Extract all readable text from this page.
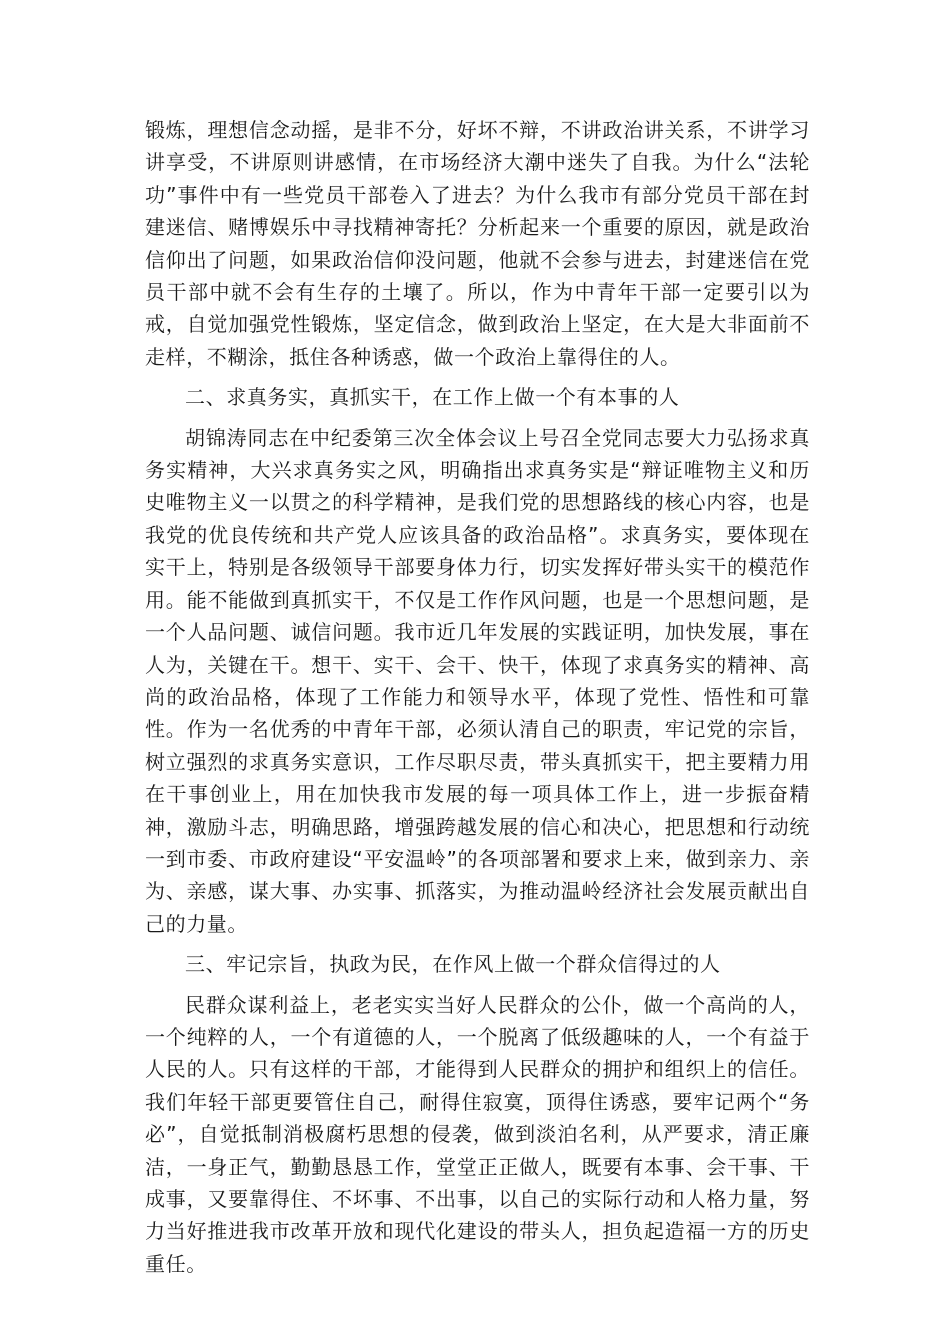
锻炼，理想信念动摇，是非不分，好坏不辩，不讲政治讲关系，不讲学习讲享受，不讲原则讲感情，在市场经济大潮中迷失了自我。为什么“法轮功”事件中有一些党员干部卷入了进去？为什么我市有部分党员干部在封建迷信、赌博娱乐中寻找精神寄托？分析起来一个重要的原因，就是政治信仰出了问题，如果政治信仰没问题，他就不会参与进去，封建迷信在党员干部中就不会有生存的土壤了。所以，作为中青年干部一定要引以为戒，自觉加强党性锻炼，坚定信念，做到政治上坚定，在大是大非面前不走样，不糊涂，抵住各种诱惑，做一个政治上靠得住的人。

二、求真务实，真抓实干，在工作上做一个有本事的人

胡锦涛同志在中纪委第三次全体会议上号召全党同志要大力弘扬求真务实精神，大兴求真务实之风，明确指出求真务实是“辩证唯物主义和历史唯物主义一以贯之的科学精神，是我们党的思想路线的核心内容，也是我党的优良传统和共产党人应该具备的政治品格”。求真务实，要体现在实干上，特别是各级领导干部要身体力行，切实发挥好带头实干的模范作用。能不能做到真抓实干，不仅是工作作风问题，也是一个思想问题，是一个人品问题、诚信问题。我市近几年发展的实践证明，加快发展，事在人为，关键在干。想干、实干、会干、快干，体现了求真务实的精神、高尚的政治品格，体现了工作能力和领导水平，体现了党性、悟性和可靠性。作为一名优秀的中青年干部，必须认清自己的职责，牢记党的宗旨，树立强烈的求真务实意识，工作尽职尽责，带头真抓实干，把主要精力用在干事创业上，用在加快我市发展的每一项具体工作上，进一步振奋精神，激励斗志，明确思路，增强跨越发展的信心和决心，把思想和行动统一到市委、市政府建设“平安温岭”的各项部署和要求上来，做到亲力、亲为、亲感，谋大事、办实事、抓落实，为推动温岭经济社会发展贡献出自己的力量。

三、牢记宗旨，执政为民，在作风上做一个群众信得过的人

民群众谋利益上，老老实实当好人民群众的公仆，做一个高尚的人，一个纯粹的人，一个有道德的人，一个脱离了低级趣味的人，一个有益于人民的人。只有这样的干部，才能得到人民群众的拥护和组织上的信任。我们年轻干部更要管住自己，耐得住寂寞，顶得住诱惑，要牢记两个“务必”，自觉抵制消极腐朽思想的侵袭，做到淡泊名利，从严要求，清正廉洁，一身正气，勤勤恳恳工作，堂堂正正做人，既要有本事、会干事、干成事，又要靠得住、不坏事、不出事，以自己的实际行动和人格力量，努力当好推进我市改革开放和现代化建设的带头人，担负起造福一方的历史重任。
